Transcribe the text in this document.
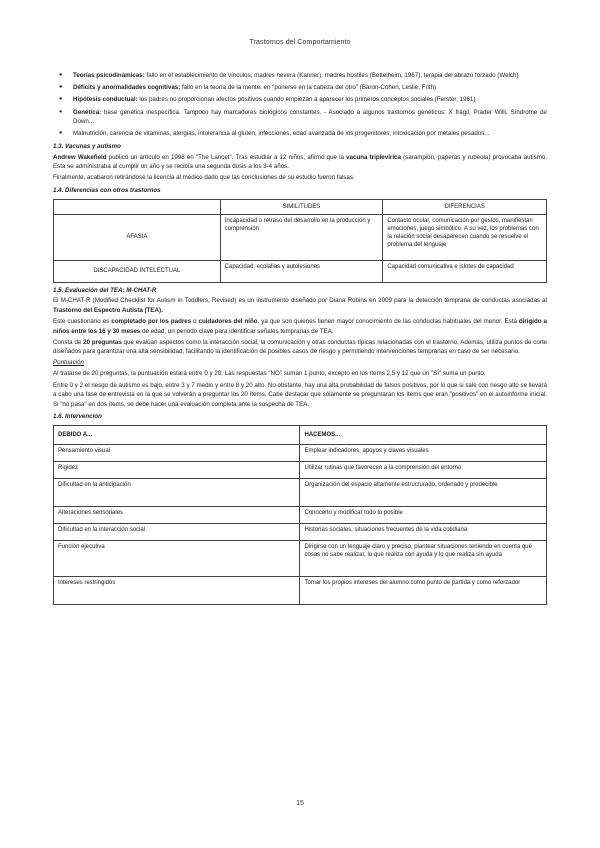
Trastornos del Comportamiento
● Teorías psicodinámicas: fallo en el establecimiento de vínculos, madres nevera (Kanner), madres hostiles (Bettelheim, 1967), terapia del abrazo forzado (Welch)
● Déficits y anormalidades cognitivas: fallo en la teoría de la mente, en "ponerse en la cabeza del otro" (Baron-Cohen, Leslie, Frith)
● Hipótesis conductual: los padres no proporcionan afectos positivos cuando empiezan a aparecer los primeros conceptos sociales (Ferster, 1961)
● Genética: base genética inespecífica. Tampoco hay marcadores biológicos constantes. - Asociado a algunos trastornos genéticos: X frágil, Prader Willi, Síndrome de Down...
● Malnutrición, carencia de vitaminas, alergias, intolerancia al gluten, infecciones, edad avanzada de los progenitores, intoxicación por metales pesados...
1.3. Vacunas y autismo

Andrew Wakefield publicó un artículo en 1998 en "The Lancet". Tras estudiar a 12 niños, afirmó que la vacuna triplevírica (sarampión, paperas y rubeola) provocaba autismo. Esta se administraba al cumplir un año y se recibía una segunda dosis a los 3-4 años.

Finalmente, acabaron retirándose la licencia al médico dado que las conclusiones de su estudio fueron falsas.

1.4. Diferencias con otros trastornos
	SIMILITUDES	DIFERENCIAS
AFASIA	Incapacidad o retraso del desarrollo en la producción y comprensión	Contacto ocular, comunicación por gestos, manifiestan emociones, juego simbólico. A su vez, los problemas con la relación social desaparecen cuando se resuelve el problema del lenguaje
DISCAPACIDAD INTELECTUAL	Capacidad, ecolalias y autolesiones	Capacidad comunicativa e islotes de capacidad
1.5. Evaluación del TEA: M-CHAT-R

El M-CHAT-R (Modified Checklist for Autism in Toddlers, Revised) es un instrumento diseñado por Diana Robins en 2009 para la detección temprana de conductas asociadas al Trastorno del Espectro Autista (TEA).

Este cuestionario es completado por los padres o cuidadores del niño, ya que son quienes tienen mayor conocimiento de las conductas habituales del menor. Está dirigido a niños entre los 16 y 30 meses de edad, un periodo clave para identificar señales tempranas de TEA.

Consta de 20 preguntas que evalúan aspectos como la interacción social, la comunicación y otras conductas típicas relacionadas con el trastorno. Además, utiliza puntos de corte diseñados para garantizar una alta sensibilidad, facilitando la identificación de posibles casos de riesgo y permitiendo intervenciones tempranas en caso de ser necesario.

Puntuación

Al tratarse de 20 preguntas, la puntuación estará entre 0 y 20. Las respuestas "NO" suman 1 punto, excepto en los ítems 2,5 y 12 que un "SÍ" suma un punto.

Entre 0 y 2 el riesgo de autismo es bajo, entre 3 y 7 medio y entre 8 y 20 alto. No obstante, hay una alta probabilidad de falsos positivos, por lo que si sale con riesgo alto se llevará a cabo una fase de entrevista en la que se volverán a preguntar los 20 ítems. Cabe destacar que sólamente se preguntarán los ítems que eran "positivos" en el autoinforme inicial. Si "no pasa" en dos ítems, se debe hacer una evaluación completa ante la sospecha de TEA.

1.6. Intervención
DEBIDO A...	HACEMOS...
Pensamiento visual	Emplear indicadores, apoyos y claves visuales
Rigidez	Utilizar rutinas que favorecen a la comprensión del entorno
Dificultad en la anticipación	Organización del espacio altamente estructurado, ordenado y predecible
Alteraciones sensoriales	Conocerlo y modificar todo lo posible
Dificultad en la interacción social	Historias sociales, situaciones frecuentes de la vida cotidiana
Función ejecutiva	Dirigirse con un lenguaje claro y preciso, plantear situaciones teniendo en cuenta qué cosas no sabe realizar, lo que realiza con ayuda y lo que realiza sin ayuda
Intereses restringidos	Tomar los propios intereses del alumno como punto de partida y como reforzador
15
